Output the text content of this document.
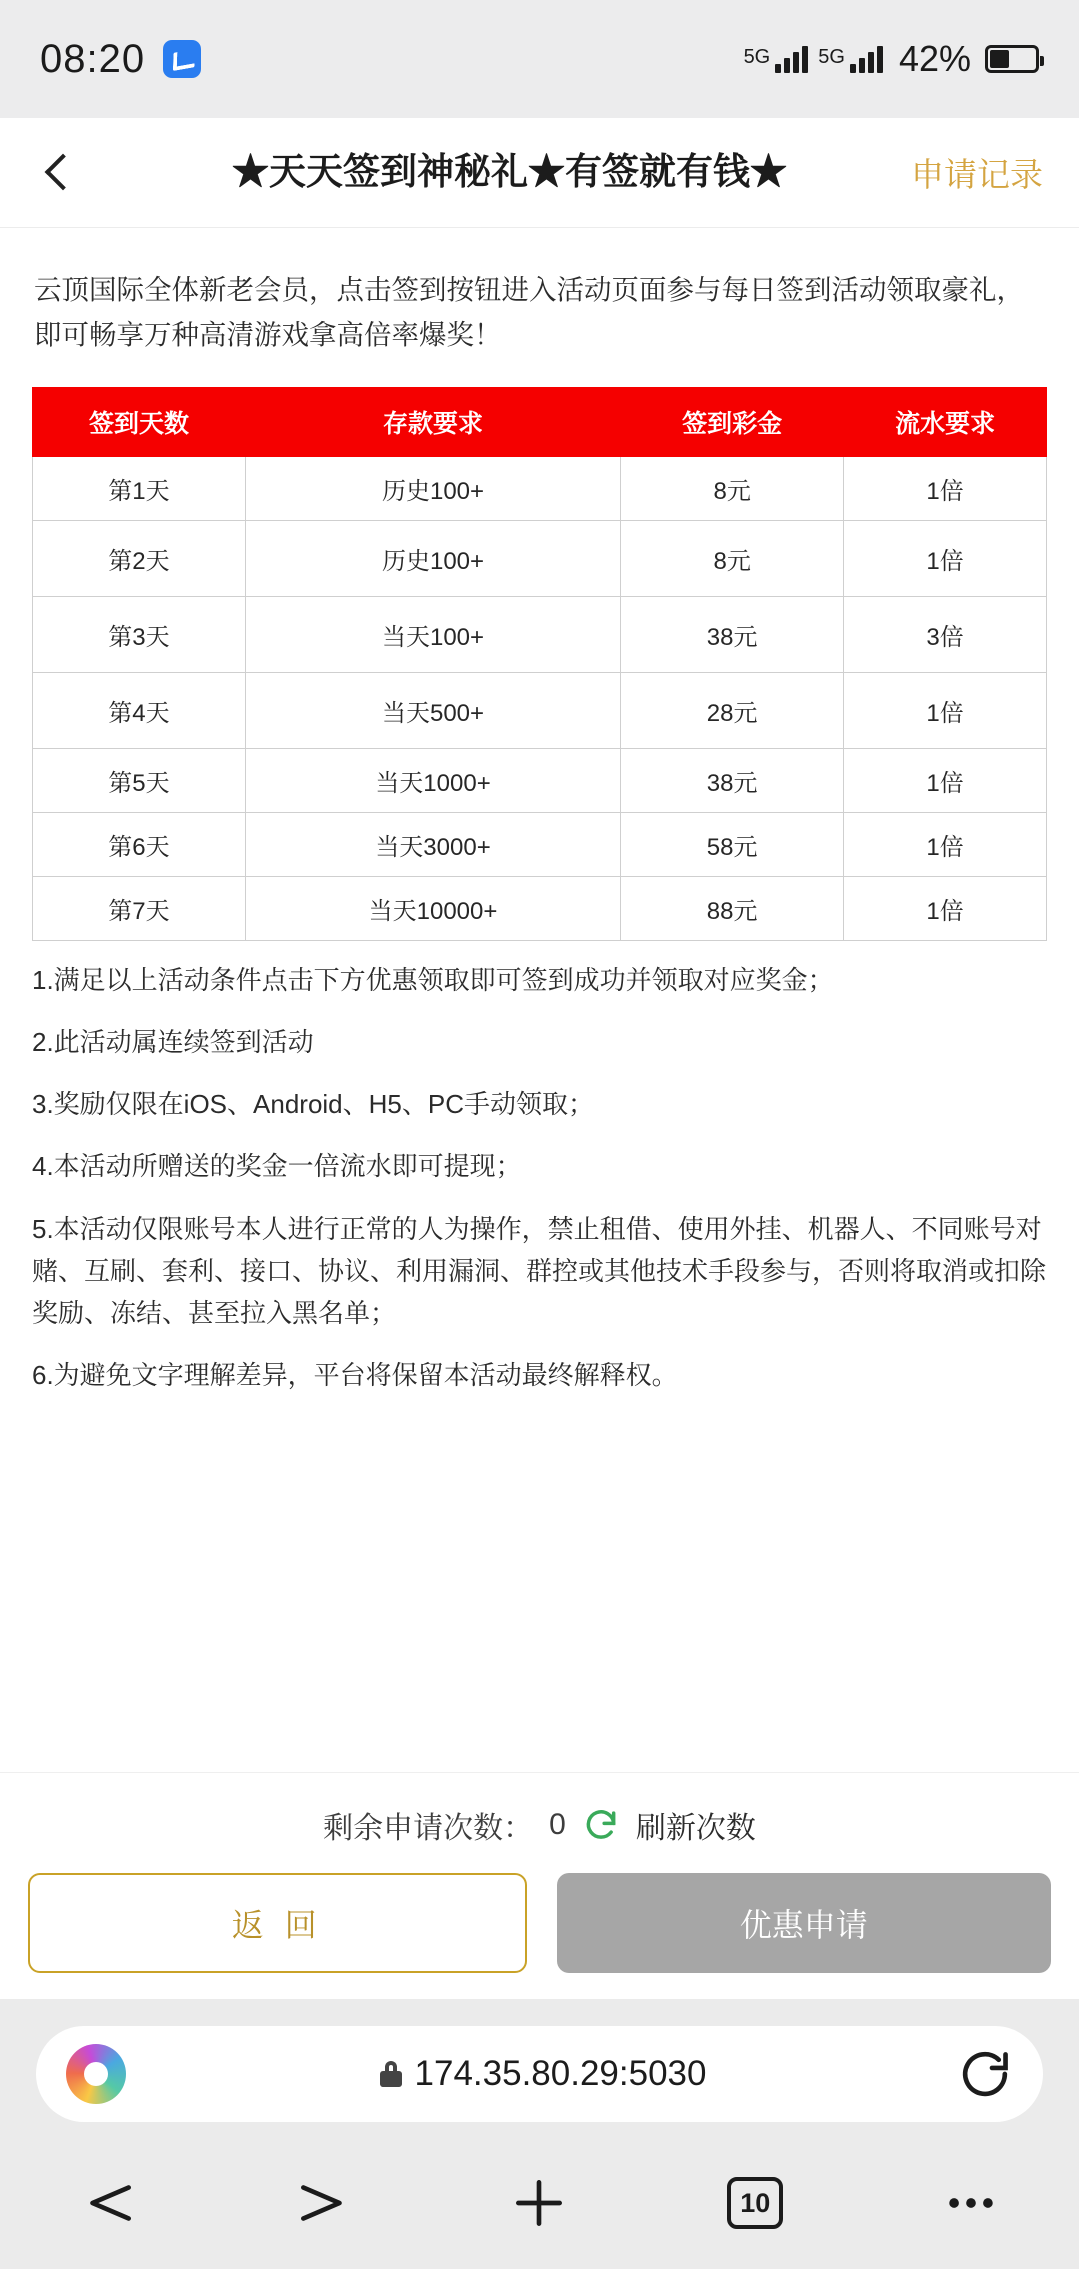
08:20	5G 5G 42%
★天天签到神秘礼★有签就有钱★	申请记录
云顶国际全体新老会员，点击签到按钮进入活动页面参与每日签到活动领取豪礼，即可畅享万种高清游戏拿高倍率爆奖！
签到天数	存款要求	签到彩金	流水要求
第1天	历史100+	8元	1倍
第2天	历史100+	8元	1倍
第3天	当天100+	38元	3倍
第4天	当天500+	28元	1倍
第5天	当天1000+	38元	1倍
第6天	当天3000+	58元	1倍
第7天	当天10000+	88元	1倍

1.满足以上活动条件点击下方优惠领取即可签到成功并领取对应奖金；

2.此活动属连续签到活动

3.奖励仅限在iOS、Android、H5、PC手动领取；

4.本活动所赠送的奖金一倍流水即可提现；

5.本活动仅限账号本人进行正常的人为操作，禁止租借、使用外挂、机器人、不同账号对赌、互刷、套利、接口、协议、利用漏洞、群控或其他技术手段参与，否则将取消或扣除奖励、冻结、甚至拉入黑名单；

6.为避免文字理解差异，平台将保留本活动最终解释权。

剩余申请次数： 0 刷新次数
返 回	优惠申请
174.35.80.29:5030
10
